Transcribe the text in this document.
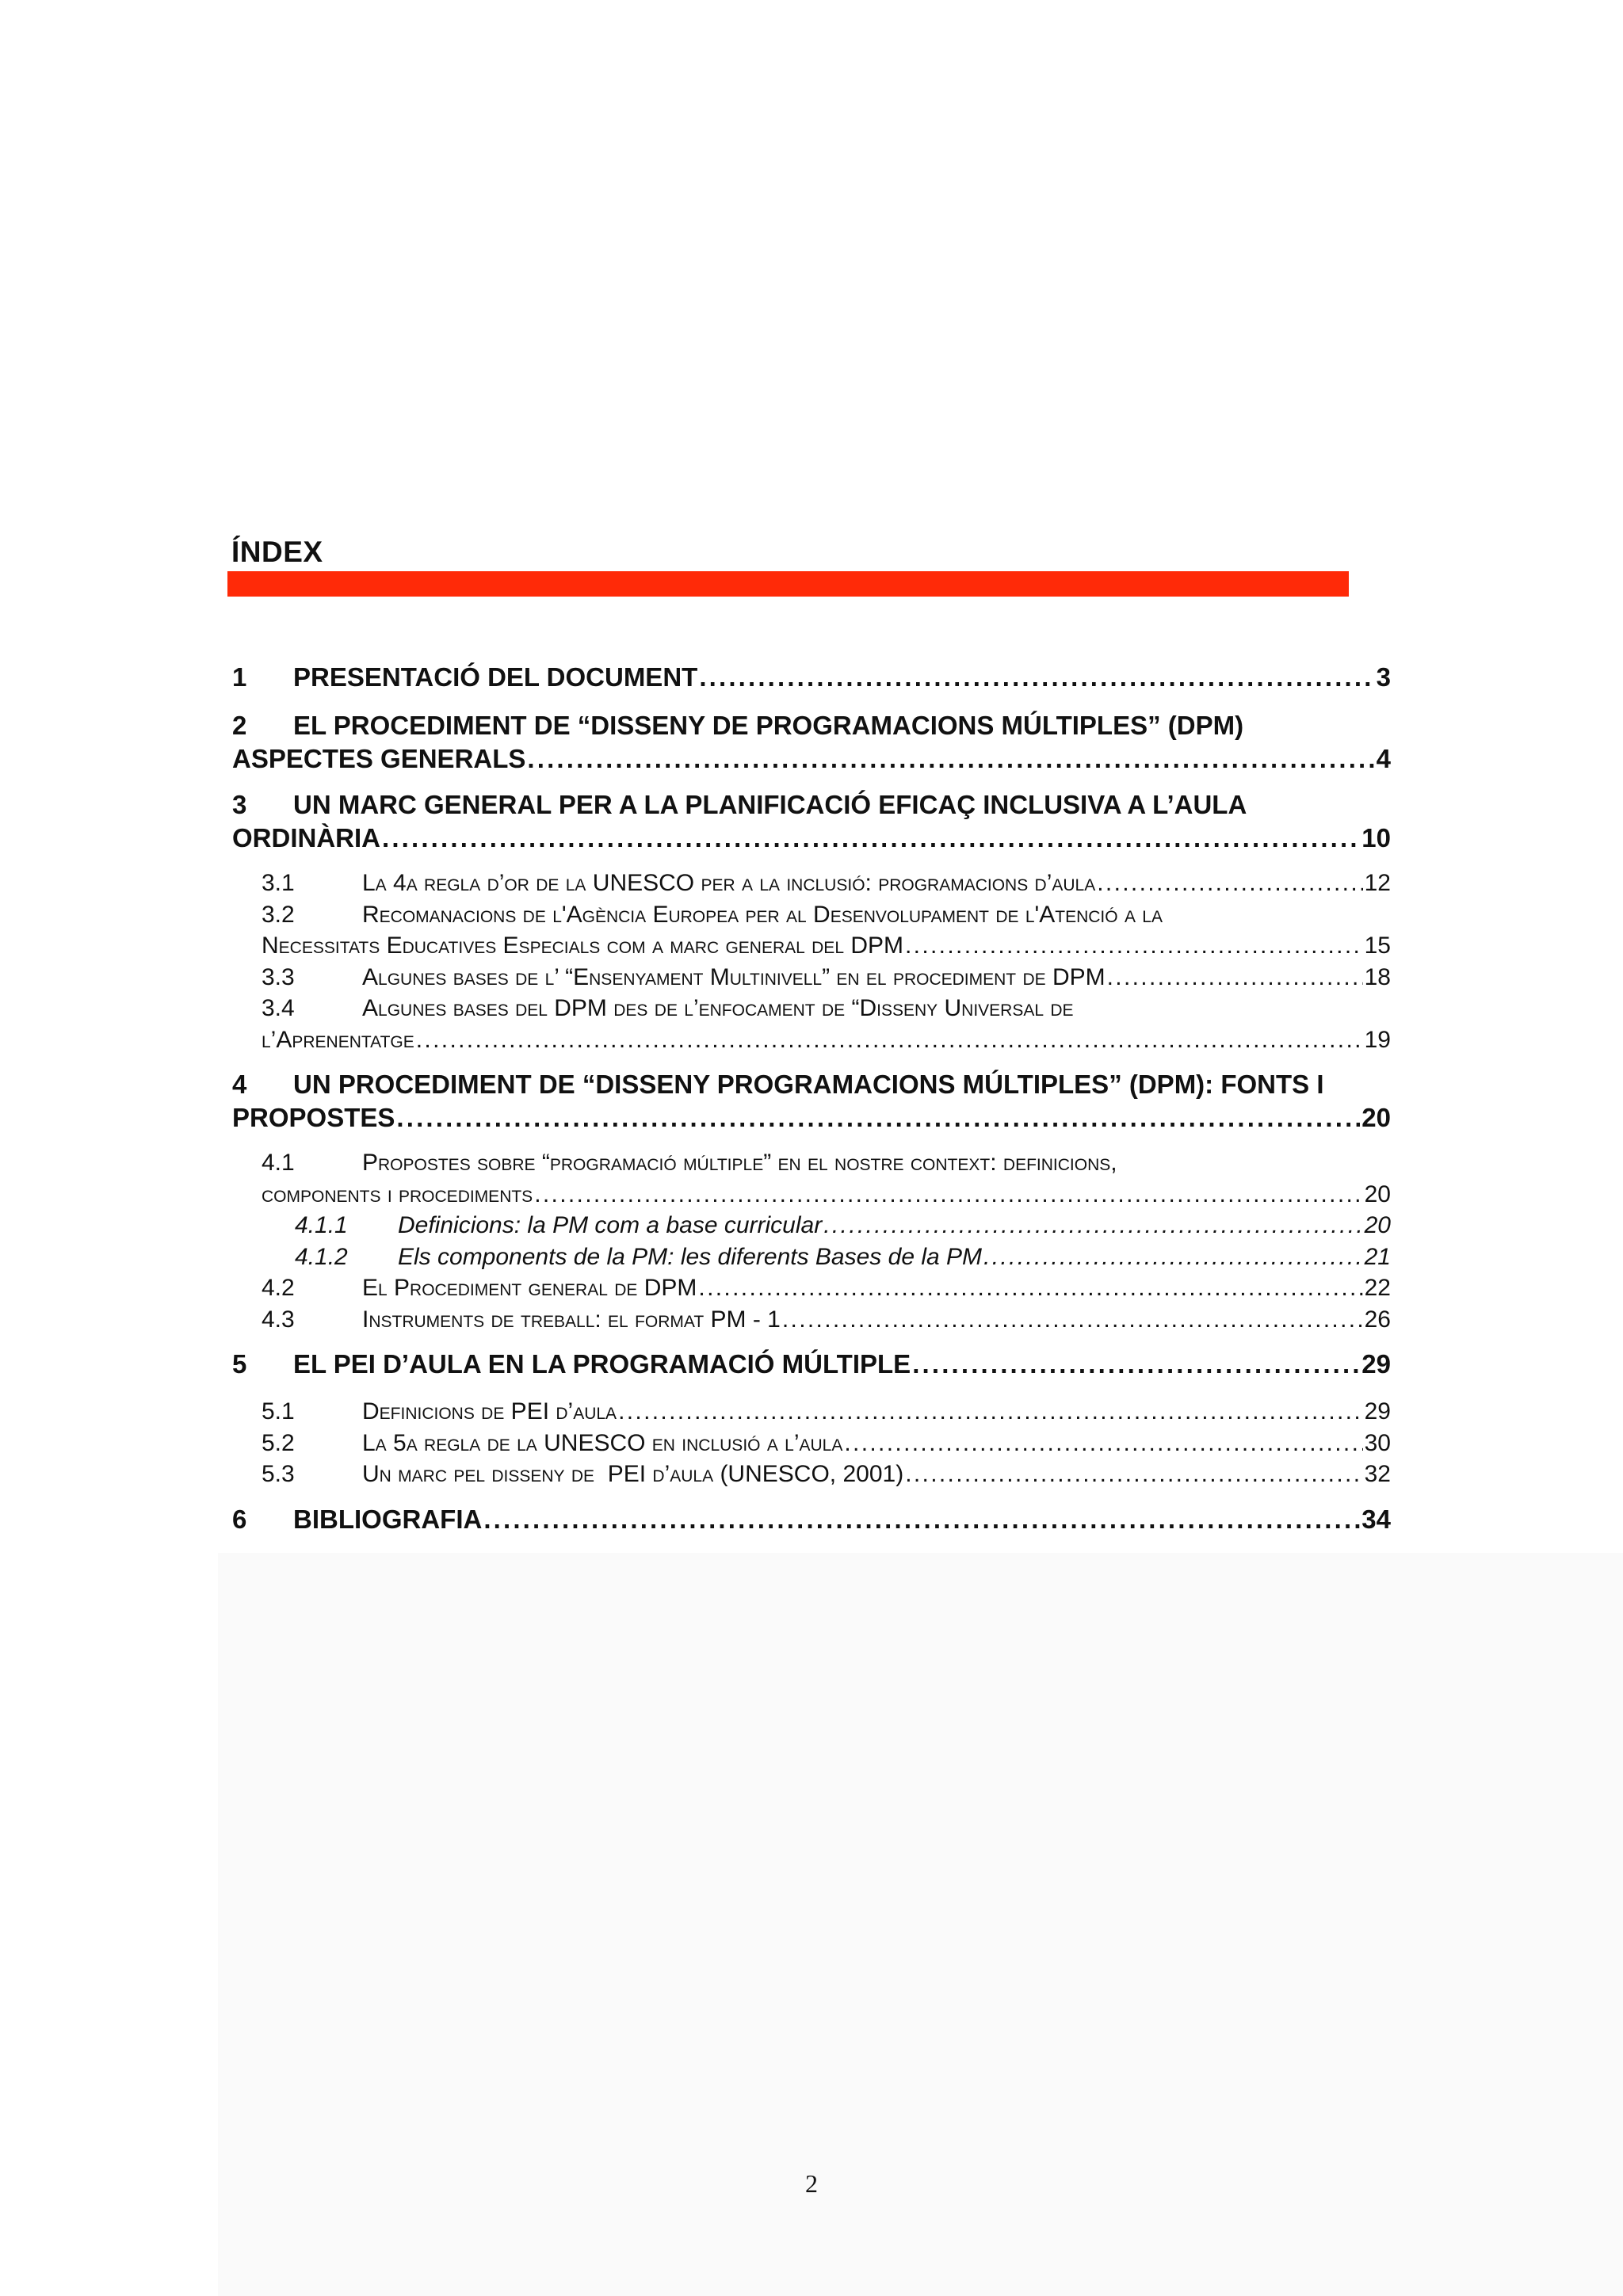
ÍNDEX
1	PRESENTACIÓ DEL DOCUMENT . . .	3
2	EL PROCEDIMENT DE “DISSENY DE PROGRAMACIONS MÚLTIPLES” (DPM)
ASPECTES GENERALS . . .	4
3	UN MARC GENERAL PER A LA PLANIFICACIÓ EFICAÇ INCLUSIVA A L’AULA
ORDINÀRIA . . .	10
3.1	La 4a regla d’or de la UNESCO per a la inclusió: programacions d’aula . . .	12
3.2	Recomanacions de l'Agència Europea per al Desenvolupament de l'Atenció a la
Necessitats Educatives Especials com a marc general del DPM . . .	15
3.3	Algunes bases de l’ “Ensenyament Multinivell” en el procediment de DPM . . .	18
3.4	Algunes bases del DPM des de l’enfocament de “Disseny Universal de
l’Aprenentatge . . .	19
4	UN PROCEDIMENT DE “DISSENY PROGRAMACIONS MÚLTIPLES” (DPM): FONTS I
PROPOSTES . . .	20
4.1	Propostes sobre “programació múltiple” en el nostre context: definicions,
components i procediments . . .	20
4.1.1	Definicions: la PM com a base curricular . . .	20
4.1.2	Els components de la PM: les diferents Bases de la PM . . .	21
4.2	El Procediment general de DPM . . .	22
4.3	Instruments de treball: el format PM - 1 . . .	26
5	EL PEI D’AULA EN LA PROGRAMACIÓ MÚLTIPLE . . .	29
5.1	Definicions de PEI d’aula . . .	29
5.2	La 5a regla de la UNESCO en inclusió a l’aula . . .	30
5.3	Un marc pel disseny de  PEI d’aula (UNESCO, 2001) . . .	32
6	BIBLIOGRAFIA . . .	34
2
